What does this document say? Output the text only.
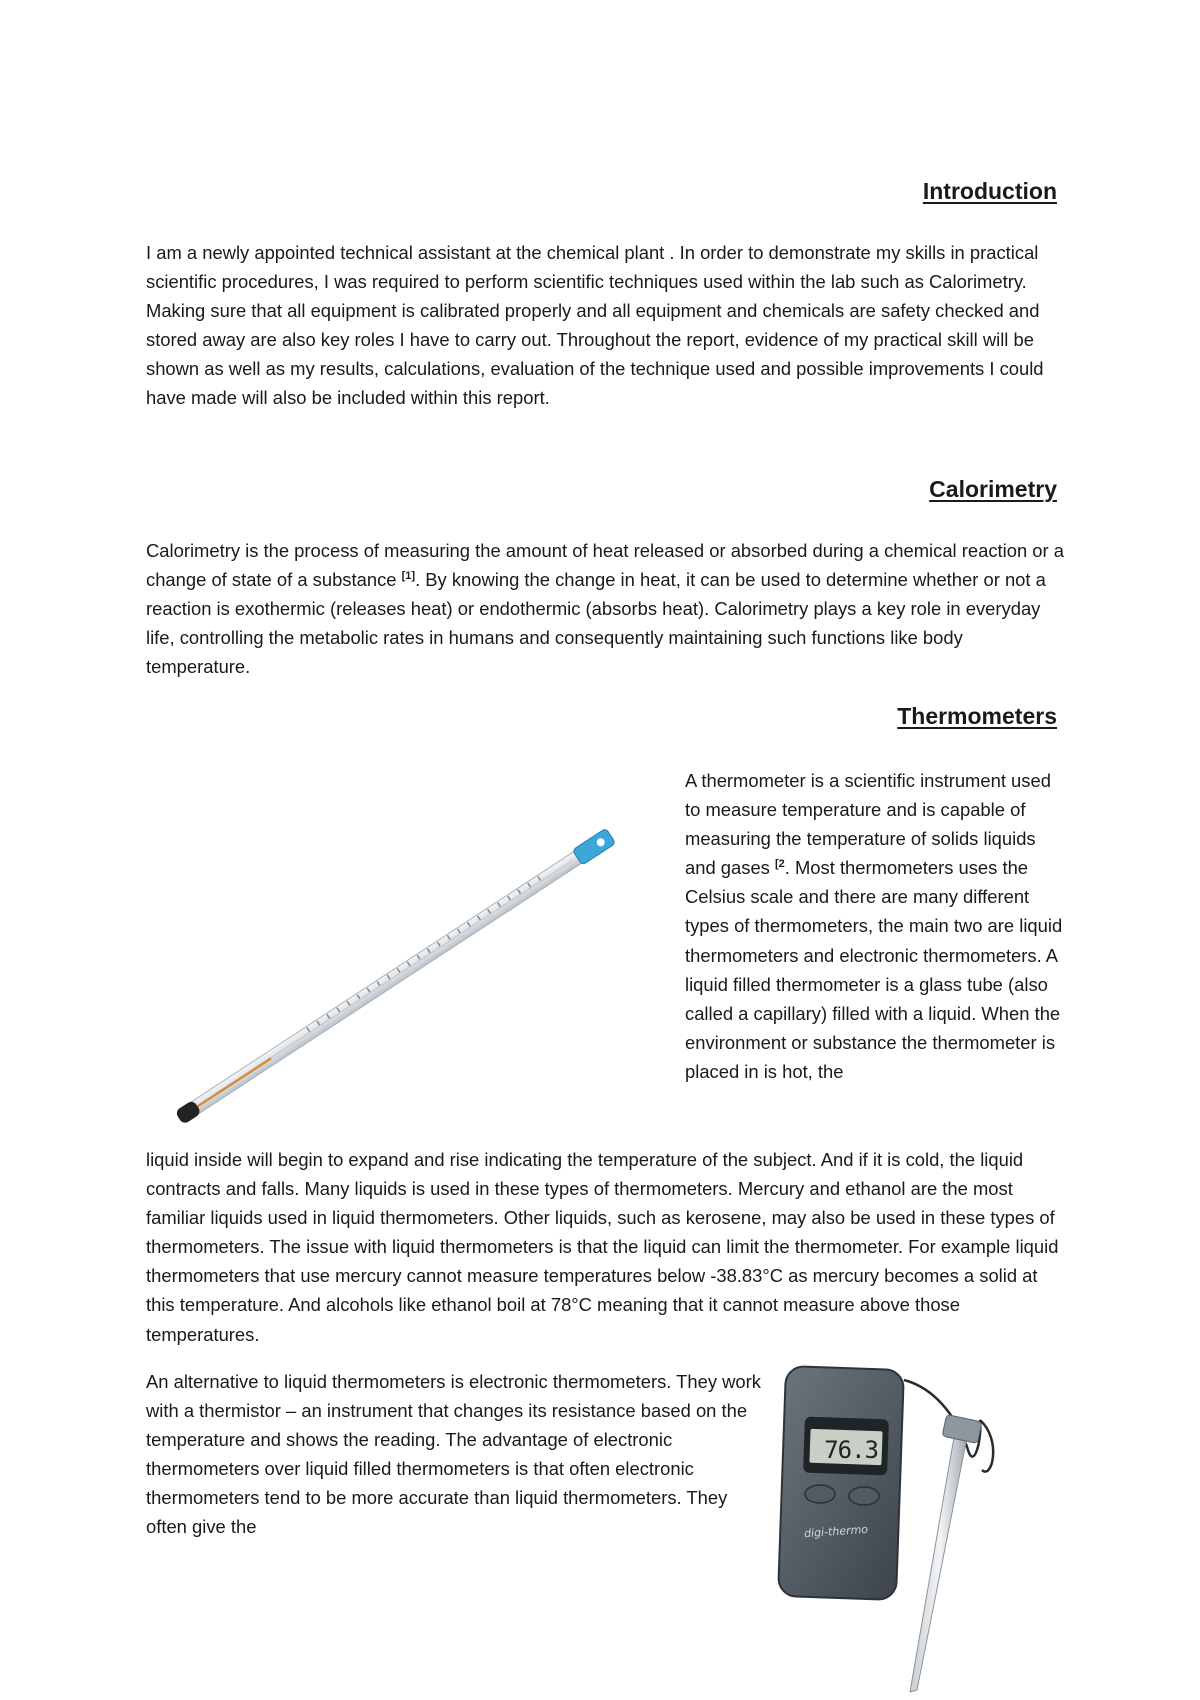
Introduction

I am a newly appointed technical assistant at the chemical plant . In order to demonstrate my skills in practical scientific procedures, I was required to perform scientific techniques used within the lab such as Calorimetry. Making sure that all equipment is calibrated properly and all equipment and chemicals are safety checked and stored away are also key roles I have to carry out. Throughout the report, evidence of my practical skill will be shown as well as my results, calculations, evaluation of the technique used and possible improvements I could have made will also be included within this report.

Calorimetry

Calorimetry is the process of measuring the amount of heat released or absorbed during a chemical reaction or a change of state of a substance [1]. By knowing the change in heat, it can be used to determine whether or not a reaction is exothermic (releases heat) or endothermic (absorbs heat). Calorimetry plays a key role in everyday life, controlling the metabolic rates in humans and consequently maintaining such functions like body temperature.

Thermometers

A thermometer is a scientific instrument used to measure temperature and is capable of measuring the temperature of solids liquids and gases $^{[2}$. Most thermometers uses the Celsius scale and there are many different types of thermometers, the main two are liquid thermometers and electronic thermometers. A liquid filled thermometer is a glass tube (also called a capillary) filled with a liquid. When the environment or substance the thermometer is placed in is hot, the

liquid inside will begin to expand and rise indicating the temperature of the subject. And if it is cold, the liquid contracts and falls. Many liquids is used in these types of thermometers. Mercury and ethanol are the most familiar liquids used in liquid thermometers. Other liquids, such as kerosene, may also be used in these types of thermometers. The issue with liquid thermometers is that the liquid can limit the thermometer. For example liquid thermometers that use mercury cannot measure temperatures below -38.83°C as mercury becomes a solid at this temperature. And alcohols like ethanol boil at 78°C meaning that it cannot measure above those temperatures.

An alternative to liquid thermometers is electronic thermometers. They work with a thermistor – an instrument that changes its resistance based on the temperature and shows the reading. The advantage of electronic thermometers over liquid filled thermometers is that often electronic thermometers tend to be more accurate than liquid thermometers. They often give the

76.3
digi-thermo
